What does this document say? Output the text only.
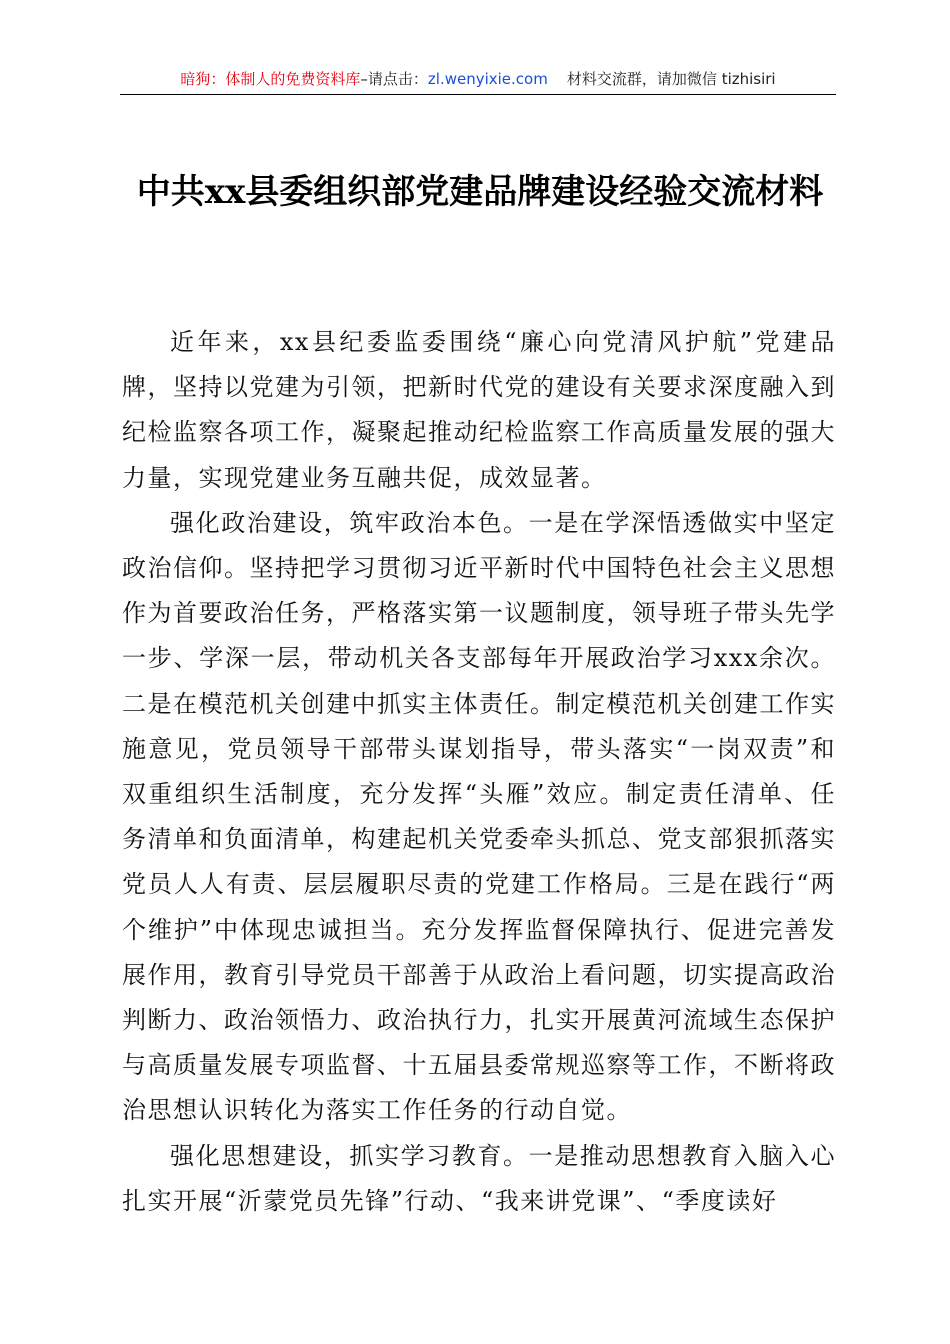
暗狗：体制人的免费资料库–请点击：zl.wenyixie.com 材料交流群，请加微信 tizhisiri
中共xx县委组织部党建品牌建设经验交流材料

近年来，xx县纪委监委围绕“廉心向党清风护航”党建品牌，坚持以党建为引领，把新时代党的建设有关要求深度融入到纪检监察各项工作，凝聚起推动纪检监察工作高质量发展的强大力量，实现党建业务互融共促，成效显著。

强化政治建设，筑牢政治本色。一是在学深悟透做实中坚定政治信仰。坚持把学习贯彻习近平新时代中国特色社会主义思想作为首要政治任务，严格落实第一议题制度，领导班子带头先学一步、学深一层，带动机关各支部每年开展政治学习xxx余次。二是在模范机关创建中抓实主体责任。制定模范机关创建工作实施意见，党员领导干部带头谋划指导，带头落实“一岗双责”和双重组织生活制度，充分发挥“头雁”效应。制定责任清单、任务清单和负面清单，构建起机关党委牵头抓总、党支部狠抓落实党员人人有责、层层履职尽责的党建工作格局。三是在践行“两个维护”中体现忠诚担当。充分发挥监督保障执行、促进完善发展作用，教育引导党员干部善于从政治上看问题，切实提高政治判断力、政治领悟力、政治执行力，扎实开展黄河流域生态保护与高质量发展专项监督、十五届县委常规巡察等工作，不断将政治思想认识转化为落实工作任务的行动自觉。

强化思想建设，抓实学习教育。一是推动思想教育入脑入心扎实开展“沂蒙党员先锋”行动、“我来讲党课”、“季度读好
